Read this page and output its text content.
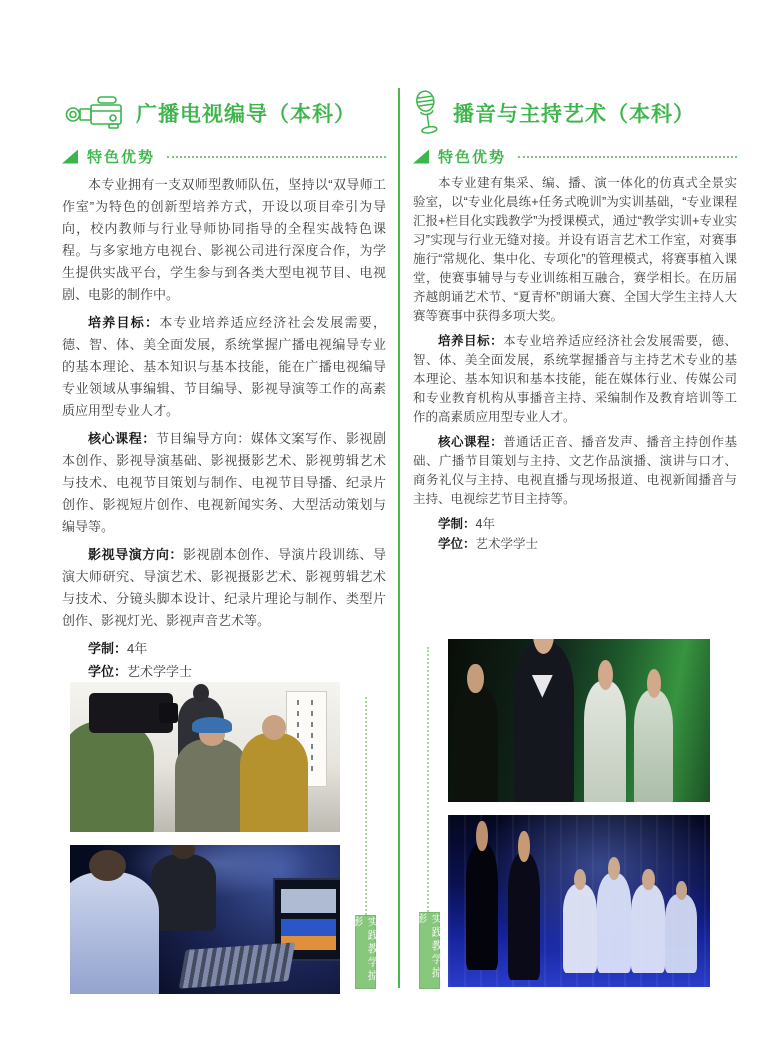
广播电视编导（本科）
特色优势

本专业拥有一支双师型教师队伍，坚持以“双导师工作室”为特色的创新型培养方式，开设以项目牵引为导向，校内教师与行业导师协同指导的全程实战特色课程。与多家地方电视台、影视公司进行深度合作，为学生提供实战平台，学生参与到各类大型电视节目、电视剧、电影的制作中。

培养目标：本专业培养适应经济社会发展需要，德、智、体、美全面发展，系统掌握广播电视编导专业的基本理论、基本知识与基本技能，能在广播电视编导专业领域从事编辑、节目编导、影视导演等工作的高素质应用型专业人才。

核心课程：节目编导方向：媒体文案写作、影视剧本创作、影视导演基础、影视摄影艺术、影视剪辑艺术与技术、电视节目策划与制作、电视节目导播、纪录片创作、影视短片创作、电视新闻实务、大型活动策划与编导等。

影视导演方向：影视剧本创作、导演片段训练、导演大师研究、导演艺术、影视摄影艺术、影视剪辑艺术与技术、分镜头脚本设计、纪录片理论与制作、类型片创作、影视灯光、影视声音艺术等。

学制：4年

学位：艺术学学士

播音与主持艺术（本科）
特色优势

本专业建有集采、编、播、演一体化的仿真式全景实验室，以“专业化晨练+任务式晚训”为实训基础，“专业课程汇报+栏目化实践教学”为授课模式，通过“教学实训+专业实习”实现与行业无缝对接。并设有语言艺术工作室，对赛事施行“常规化、集中化、专项化”的管理模式，将赛事植入课堂，使赛事辅导与专业训练相互融合，赛学相长。在历届齐越朗诵艺术节、“夏青杯”朗诵大赛、全国大学生主持人大赛等赛事中获得多项大奖。

培养目标：本专业培养适应经济社会发展需要，德、智、体、美全面发展，系统掌握播音与主持艺术专业的基本理论、基本知识和基本技能，能在媒体行业、传媒公司和专业教育机构从事播音主持、采编制作及教育培训等工作的高素质应用型专业人才。

核心课程：普通话正音、播音发声、播音主持创作基础、广播节目策划与主持、文艺作品演播、演讲与口才、商务礼仪与主持、电视直播与现场报道、电视新闻播音与主持、电视综艺节目主持等。

学制：4年

学位：艺术学学士

实践教学掠影	实践教学掠影
